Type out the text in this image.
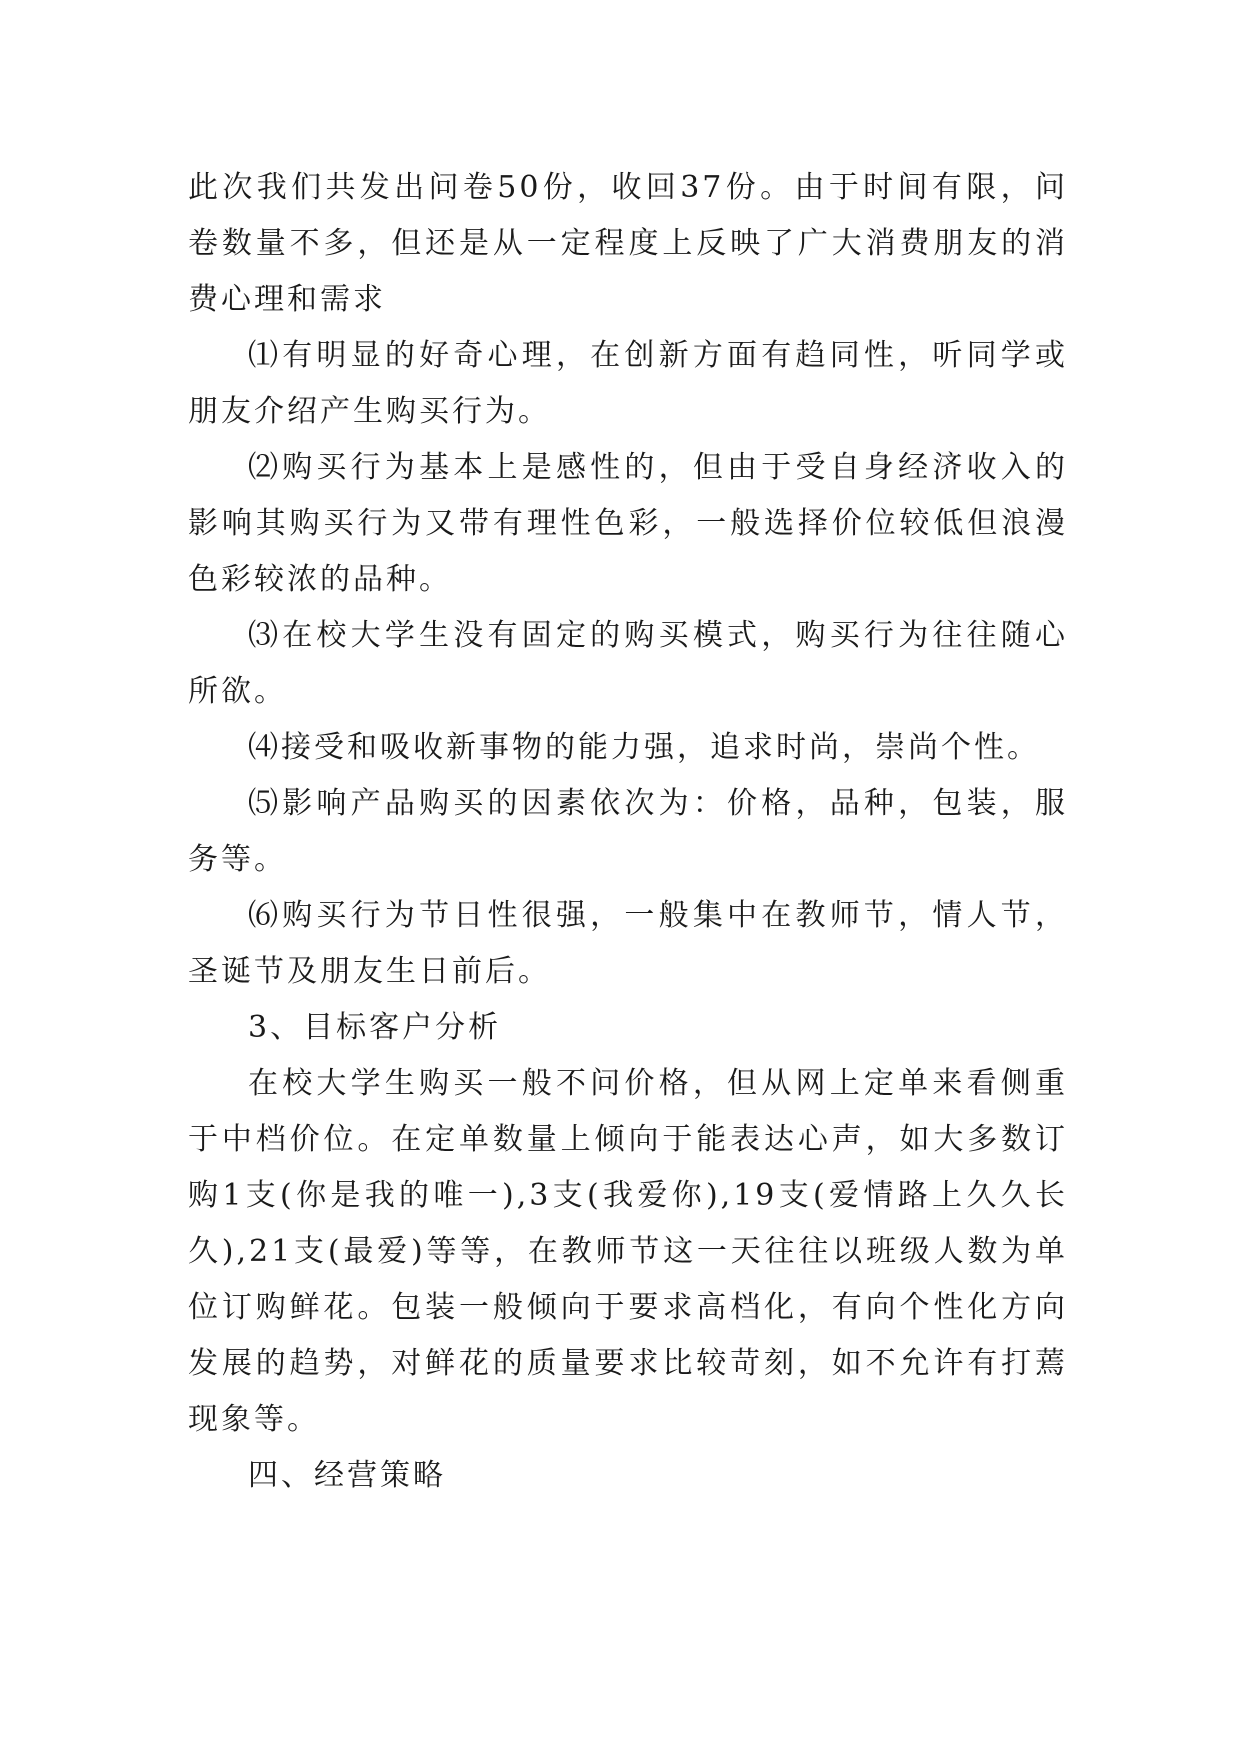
此次我们共发出问卷50份，收回37份。由于时间有限，问卷数量不多，但还是从一定程度上反映了广大消费朋友的消费心理和需求

⑴有明显的好奇心理，在创新方面有趋同性，听同学或朋友介绍产生购买行为。

⑵购买行为基本上是感性的，但由于受自身经济收入的影响其购买行为又带有理性色彩，一般选择价位较低但浪漫色彩较浓的品种。

⑶在校大学生没有固定的购买模式，购买行为往往随心所欲。

⑷接受和吸收新事物的能力强，追求时尚，崇尚个性。

⑸影响产品购买的因素依次为：价格，品种，包装，服务等。

⑹购买行为节日性很强，一般集中在教师节，情人节，圣诞节及朋友生日前后。

3、目标客户分析

在校大学生购买一般不问价格，但从网上定单来看侧重于中档价位。在定单数量上倾向于能表达心声，如大多数订购1支(你是我的唯一),3支(我爱你),19支(爱情路上久久长久),21支(最爱)等等，在教师节这一天往往以班级人数为单位订购鲜花。包装一般倾向于要求高档化，有向个性化方向发展的趋势，对鲜花的质量要求比较苛刻，如不允许有打蔫现象等。

四、经营策略
